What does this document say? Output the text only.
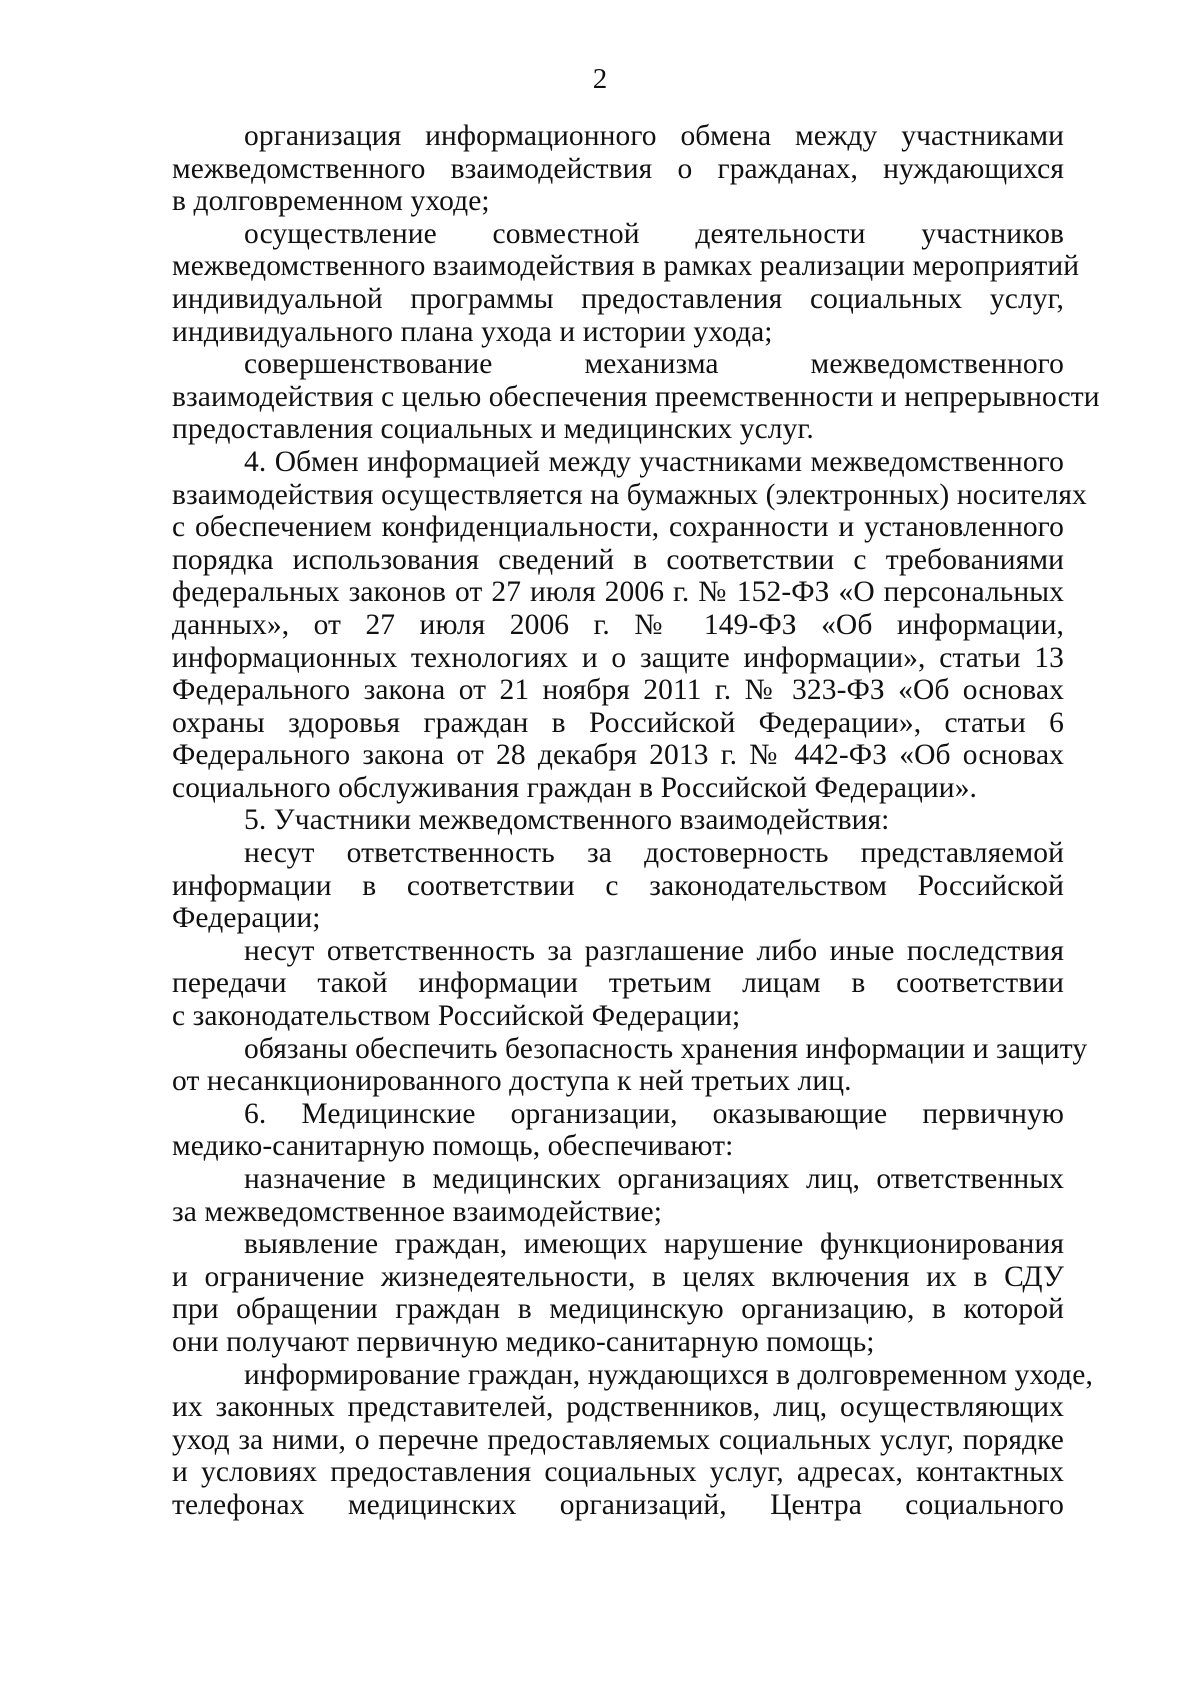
2
организация информационного обмена между участниками
межведомственного взаимодействия о гражданах, нуждающихся
в долговременном уходе;
осуществление совместной деятельности участников
межведомственного взаимодействия в рамках реализации мероприятий
индивидуальной программы предоставления социальных услуг,
индивидуального плана ухода и истории ухода;
совершенствование механизма межведомственного
взаимодействия с целью обеспечения преемственности и непрерывности
предоставления социальных и медицинских услуг.
4. Обмен информацией между участниками межведомственного
взаимодействия осуществляется на бумажных (электронных) носителях
с обеспечением конфиденциальности, сохранности и установленного
порядка использования сведений в соответствии с требованиями
федеральных законов от 27 июля 2006 г. № 152-ФЗ «О персональных
данных», от 27 июля 2006 г. № 149-ФЗ «Об информации,
информационных технологиях и о защите информации», статьи 13
Федерального закона от 21 ноября 2011 г. № 323-ФЗ «Об основах
охраны здоровья граждан в Российской Федерации», статьи 6
Федерального закона от 28 декабря 2013 г. № 442-ФЗ «Об основах
социального обслуживания граждан в Российской Федерации».
5. Участники межведомственного взаимодействия:
несут ответственность за достоверность представляемой
информации в соответствии с законодательством Российской
Федерации;
несут ответственность за разглашение либо иные последствия
передачи такой информации третьим лицам в соответствии
с законодательством Российской Федерации;
обязаны обеспечить безопасность хранения информации и защиту
от несанкционированного доступа к ней третьих лиц.
6. Медицинские организации, оказывающие первичную
медико-санитарную помощь, обеспечивают:
назначение в медицинских организациях лиц, ответственных
за межведомственное взаимодействие;
выявление граждан, имеющих нарушение функционирования
и ограничение жизнедеятельности, в целях включения их в СДУ
при обращении граждан в медицинскую организацию, в которой
они получают первичную медико-санитарную помощь;
информирование граждан, нуждающихся в долговременном уходе,
их законных представителей, родственников, лиц, осуществляющих
уход за ними, о перечне предоставляемых социальных услуг, порядке
и условиях предоставления социальных услуг, адресах, контактных
телефонах медицинских организаций, Центра социального
